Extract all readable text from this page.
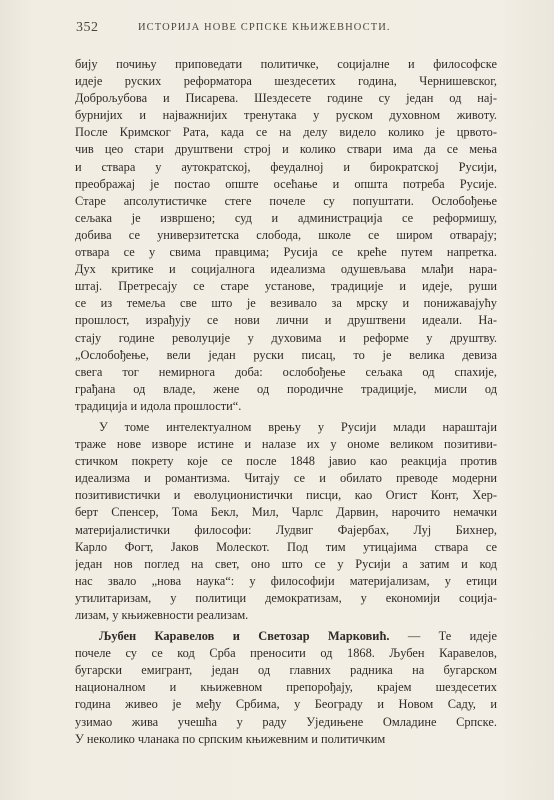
352	ИСТОРИЈА НОВЕ СРПСКЕ КЊИЖЕВНОСТИ.
бију почињу приповедати политичке, социјалне и философске
идеје руских реформатора шездесетих година, Чернишевског,
Доброљубова и Писарева. Шездесете године су један од нај-
бурнијих и најважнијих тренутака у руском духовном животу.
После Кримског Рата, када се на делу видело колико је црвото-
чив цео стари друштвени строј и колико ствари има да се мења
и ствара у аутократској, феудалној и бирократској Русији,
преображај је постао опште осећање и општа потреба Русије.
Старе апсолутистичке стеге почеле су попуштати. Ослобођење
сељака је извршено; суд и администрација се реформишу,
добива се универзитетска слобода, школе се широм отварају;
отвара се у свима правцима; Русија се креће путем напретка.
Дух критике и социјалнога идеализма одушевљава млађи нара-
штај. Претресају се старе установе, традиције и идеје, руши
се из темеља све што је везивало за мрску и понижавајућу
прошлост, израђују се нови лични и друштвени идеали. На-
стају године револуције у духовима и реформе у друштву.
„Ослобођење, вели један руски писац, то је велика девиза
свега тог немирнога доба: ослобођење сељака од спахије,
грађана од владе, жене од породичне традиције, мисли од
традиција и идола прошлости“.
У томе интелектуалном врењу у Русији млади нараштаји
траже нове изворе истине и налазе их у ономе великом позитиви-
стичком покрету које се после 1848 јавио као реакција против
идеализма и романтизма. Читају се и обилато преводе модерни
позитивистички и еволуционистички писци, као Огист Конт, Хер-
берт Спенсер, Тома Бекл, Мил, Чарлс Дарвин, нарочито немачки
материјалистички философи: Лудвиг Фајербах, Луј Бихнер,
Карло Фогт, Јаков Молескот. Под тим утицајима ствара се
један нов поглед на свет, оно што се у Русији а затим и код
нас звало „нова наука“: у философији материјализам, у етици
утилитаризам, у политици демократизам, у економији соција-
лизам, у књижевности реализам.
Љубен Каравелов и Светозар Марковић. — Те идеје
почеле су се код Срба преносити од 1868. Љубен Каравелов,
бугарски емигрант, један од главних радника на бугарском
националном и књижевном препорођају, крајем шездесетих
година живео је међу Србима, у Београду и Новом Саду, и
узимао жива учешћа у раду Уједињене Омладине Српске.
У неколико чланака по српским књижевним и политичким
